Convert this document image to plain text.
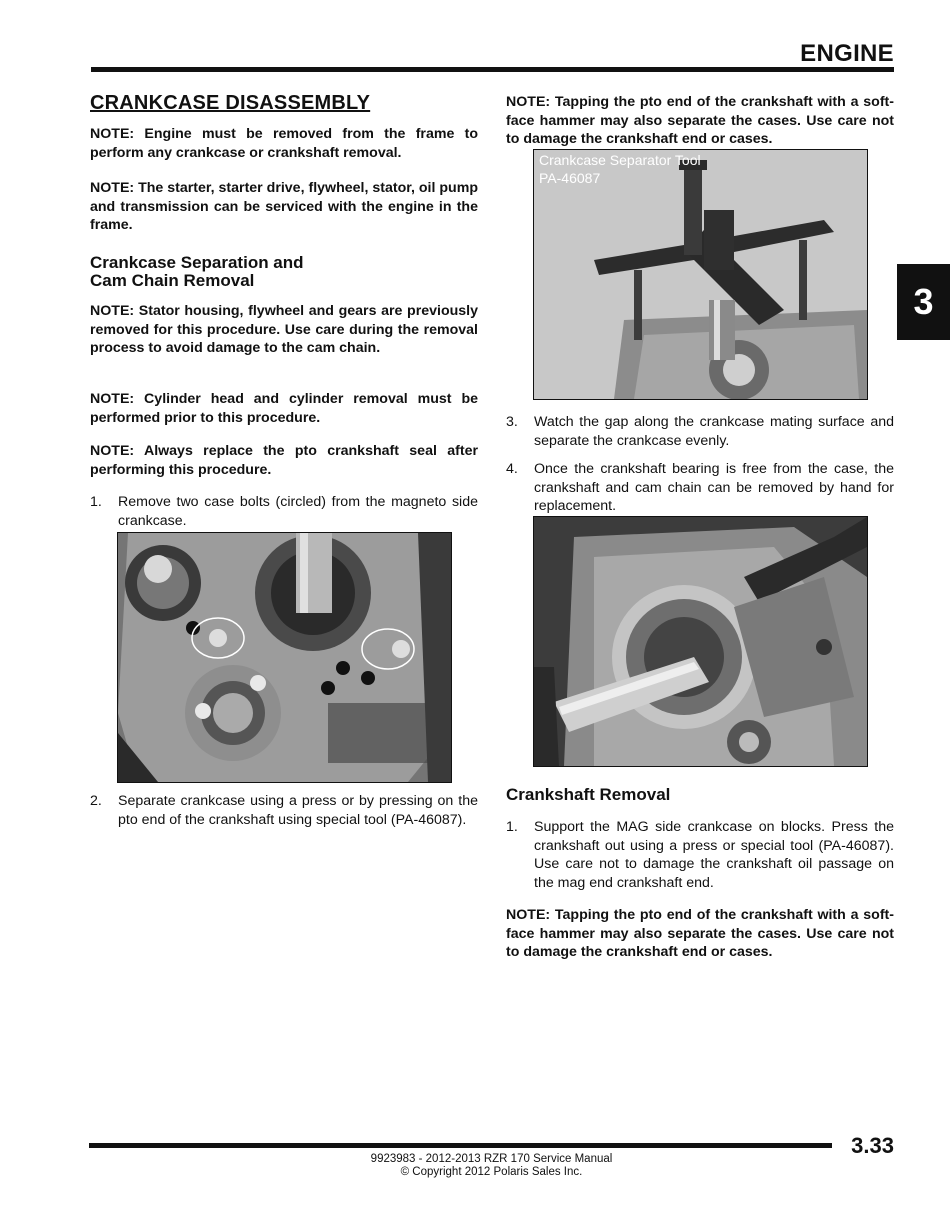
ENGINE
3
CRANKCASE DISASSEMBLY
NOTE: Engine must be removed from the frame to perform any crankcase or crankshaft removal.
NOTE: The starter, starter drive, flywheel, stator, oil pump and transmission can be serviced with the engine in the frame.
Crankcase Separation and
Cam Chain Removal
NOTE: Stator housing, flywheel and gears are previously removed for this procedure. Use care during the removal process to avoid damage to the cam chain.
NOTE: Cylinder head and cylinder removal must be performed prior to this procedure.
NOTE: Always replace the pto crankshaft seal after performing this procedure.
1. Remove two case bolts (circled) from the magneto side crankcase.
2. Separate crankcase using a press or by pressing on the pto end of the crankshaft using special tool (PA-46087).
NOTE: Tapping the pto end of the crankshaft with a soft-face hammer may also separate the cases. Use care not to damage the crankshaft end or cases.
Crankcase Separator Tool
PA-46087
3. Watch the gap along the crankcase mating surface and separate the crankcase evenly.
4. Once the crankshaft bearing is free from the case, the crankshaft and cam chain can be removed by hand for replacement.
Crankshaft Removal
1. Support the MAG side crankcase on blocks. Press the crankshaft out using a press or special tool (PA-46087). Use care not to damage the crankshaft oil passage on the mag end crankshaft end.
NOTE: Tapping the pto end of the crankshaft with a soft-face hammer may also separate the cases. Use care not to damage the crankshaft end or cases.
3.33
9923983 - 2012-2013 RZR 170 Service Manual
© Copyright 2012 Polaris Sales Inc.
